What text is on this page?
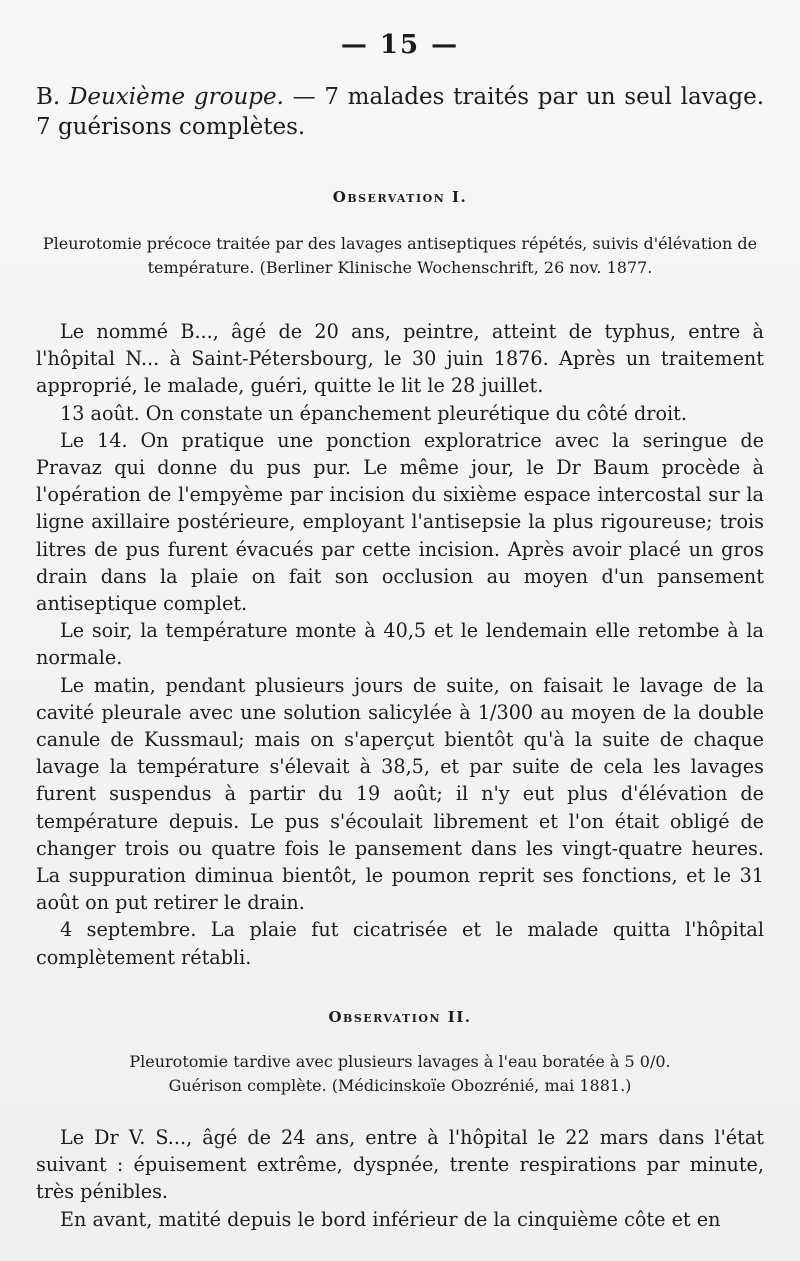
— 15 —
B. Deuxième groupe. — 7 malades traités par un seul lavage. 7 guérisons complètes.
Observation I.
Pleurotomie précoce traitée par des lavages antiseptiques répétés, suivis d'élévation de température. (Berliner Klinische Wochenschrift, 26 nov. 1877.

Le nommé B..., âgé de 20 ans, peintre, atteint de typhus, entre à l'hôpital N... à Saint-Pétersbourg, le 30 juin 1876. Après un traitement approprié, le malade, guéri, quitte le lit le 28 juillet.

13 août. On constate un épanchement pleurétique du côté droit.

Le 14. On pratique une ponction exploratrice avec la seringue de Pravaz qui donne du pus pur. Le même jour, le Dr Baum procède à l'opération de l'empyème par incision du sixième espace intercostal sur la ligne axillaire postérieure, employant l'antisepsie la plus rigoureuse; trois litres de pus furent évacués par cette incision. Après avoir placé un gros drain dans la plaie on fait son occlusion au moyen d'un pansement antiseptique complet.

Le soir, la température monte à 40,5 et le lendemain elle retombe à la normale.

Le matin, pendant plusieurs jours de suite, on faisait le lavage de la cavité pleurale avec une solution salicylée à 1/300 au moyen de la double canule de Kussmaul; mais on s'aperçut bientôt qu'à la suite de chaque lavage la température s'élevait à 38,5, et par suite de cela les lavages furent suspendus à partir du 19 août; il n'y eut plus d'élévation de température depuis. Le pus s'écoulait librement et l'on était obligé de changer trois ou quatre fois le pansement dans les vingt-quatre heures. La suppuration diminua bientôt, le poumon reprit ses fonctions, et le 31 août on put retirer le drain.

4 septembre. La plaie fut cicatrisée et le malade quitta l'hôpital complètement rétabli.

Observation II.
Pleurotomie tardive avec plusieurs lavages à l'eau boratée à 5 0/0.
Guérison complète. (Médicinskoïe Obozrénié, mai 1881.)

Le Dr V. S..., âgé de 24 ans, entre à l'hôpital le 22 mars dans l'état suivant : épuisement extrême, dyspnée, trente respirations par minute, très pénibles.

En avant, matité depuis le bord inférieur de la cinquième côte et en
